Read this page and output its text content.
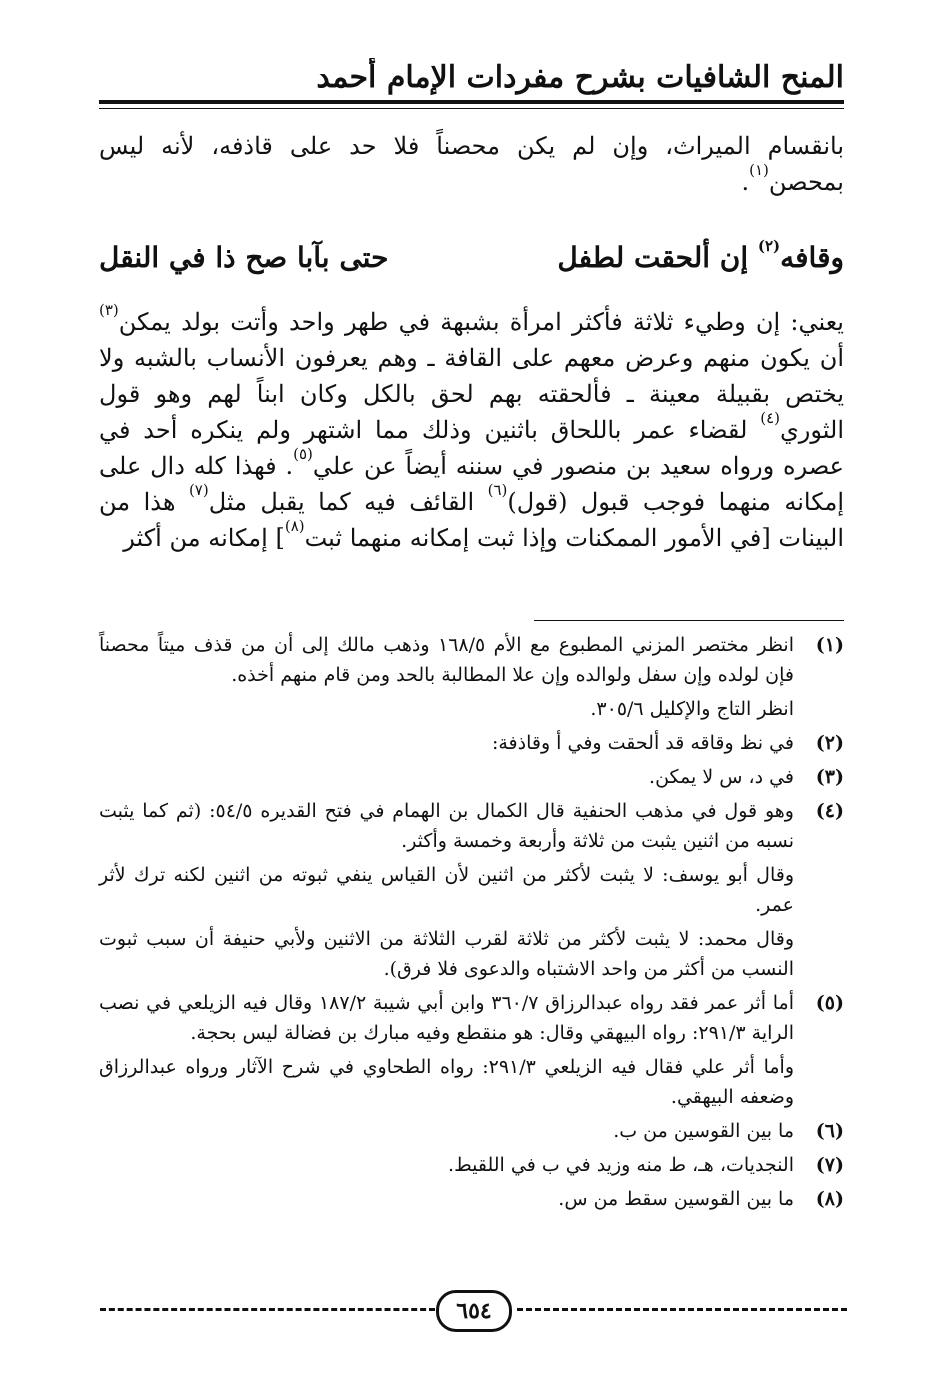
المنح الشافيات بشرح مفردات الإمام أحمد
بانقسام الميراث، وإن لم يكن محصناً فلا حد على قاذفه، لأنه ليس بمحصن$^{(١)}$.
وقافه$^{(٢)}$ إن ألحقت لطفل
حتى بآبا صح ذا في النقل
يعني: إن وطيء ثلاثة فأكثر امرأة بشبهة في طهر واحد وأتت بولد يمكن$^{(٣)}$ أن يكون منهم وعرض معهم على القافة ـ وهم يعرفون الأنساب بالشبه ولا يختص بقبيلة معينة ـ فألحقته بهم لحق بالكل وكان ابناً لهم وهو قول الثوري$^{(٤)}$ لقضاء عمر باللحاق باثنين وذلك مما اشتهر ولم ينكره أحد في عصره ورواه سعيد بن منصور في سننه أيضاً عن علي$^{(٥)}$. فهذا كله دال على إمكانه منهما فوجب قبول (قول)$^{(٦)}$ القائف فيه كما يقبل مثل$^{(٧)}$ هذا من البينات [في الأمور الممكنات وإذا ثبت إمكانه منهما ثبت$^{(٨)}$] إمكانه من أكثر
(١)

انظر مختصر المزني المطبوع مع الأم ١٦٨/٥ وذهب مالك إلى أن من قذف ميتاً محصناً فإن لولده وإن سفل ولوالده وإن علا المطالبة بالحد ومن قام منهم أخذه.

انظر التاج والإكليل ٣٠٥/٦.

(٢)

في نظ وقاقه قد ألحقت وفي أ وقاذفة:

(٣)

في د، س لا يمكن.

(٤)

وهو قول في مذهب الحنفية قال الكمال بن الهمام في فتح القديره ٥٤/٥: (ثم كما يثبت نسبه من اثنين يثبت من ثلاثة وأربعة وخمسة وأكثر.

وقال أبو يوسف: لا يثبت لأكثر من اثنين لأن القياس ينفي ثبوته من اثنين لكنه ترك لأثر عمر.

وقال محمد: لا يثبت لأكثر من ثلاثة لقرب الثلاثة من الاثنين ولأبي حنيفة أن سبب ثبوت النسب من أكثر من واحد الاشتباه والدعوى فلا فرق).

(٥)

أما أثر عمر فقد رواه عبدالرزاق ٣٦٠/٧ وابن أبي شيبة ١٨٧/٢ وقال فيه الزيلعي في نصب الراية ٢٩١/٣: رواه البيهقي وقال: هو منقطع وفيه مبارك بن فضالة ليس بحجة.

وأما أثر علي فقال فيه الزيلعي ٢٩١/٣: رواه الطحاوي في شرح الآثار ورواه عبدالرزاق وضعفه البيهقي.

(٦)

ما بين القوسين من ب.

(٧)

النجديات، هـ، ط منه وزيد في ب في اللقيط.

(٨)

ما بين القوسين سقط من س.

٦٥٤
